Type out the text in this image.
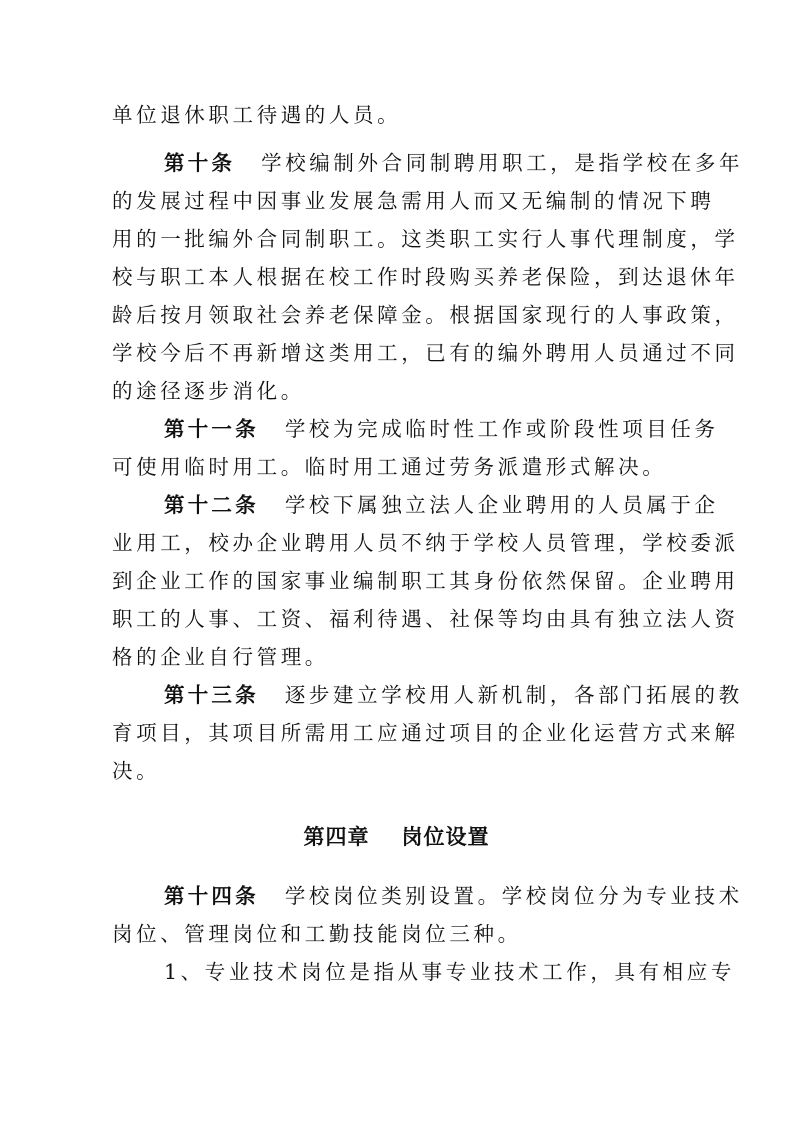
单位退休职工待遇的人员。
第十条 学校编制外合同制聘用职工，是指学校在多年
的发展过程中因事业发展急需用人而又无编制的情况下聘
用的一批编外合同制职工。这类职工实行人事代理制度，学
校与职工本人根据在校工作时段购买养老保险，到达退休年
龄后按月领取社会养老保障金。根据国家现行的人事政策，
学校今后不再新增这类用工，已有的编外聘用人员通过不同
的途径逐步消化。
第十一条 学校为完成临时性工作或阶段性项目任务
可使用临时用工。临时用工通过劳务派遣形式解决。
第十二条 学校下属独立法人企业聘用的人员属于企
业用工，校办企业聘用人员不纳于学校人员管理，学校委派
到企业工作的国家事业编制职工其身份依然保留。企业聘用
职工的人事、工资、福利待遇、社保等均由具有独立法人资
格的企业自行管理。
第十三条 逐步建立学校用人新机制，各部门拓展的教
育项目，其项目所需用工应通过项目的企业化运营方式来解
决。
第四章 岗位设置
第十四条 学校岗位类别设置。学校岗位分为专业技术
岗位、管理岗位和工勤技能岗位三种。
1、专业技术岗位是指从事专业技术工作，具有相应专
